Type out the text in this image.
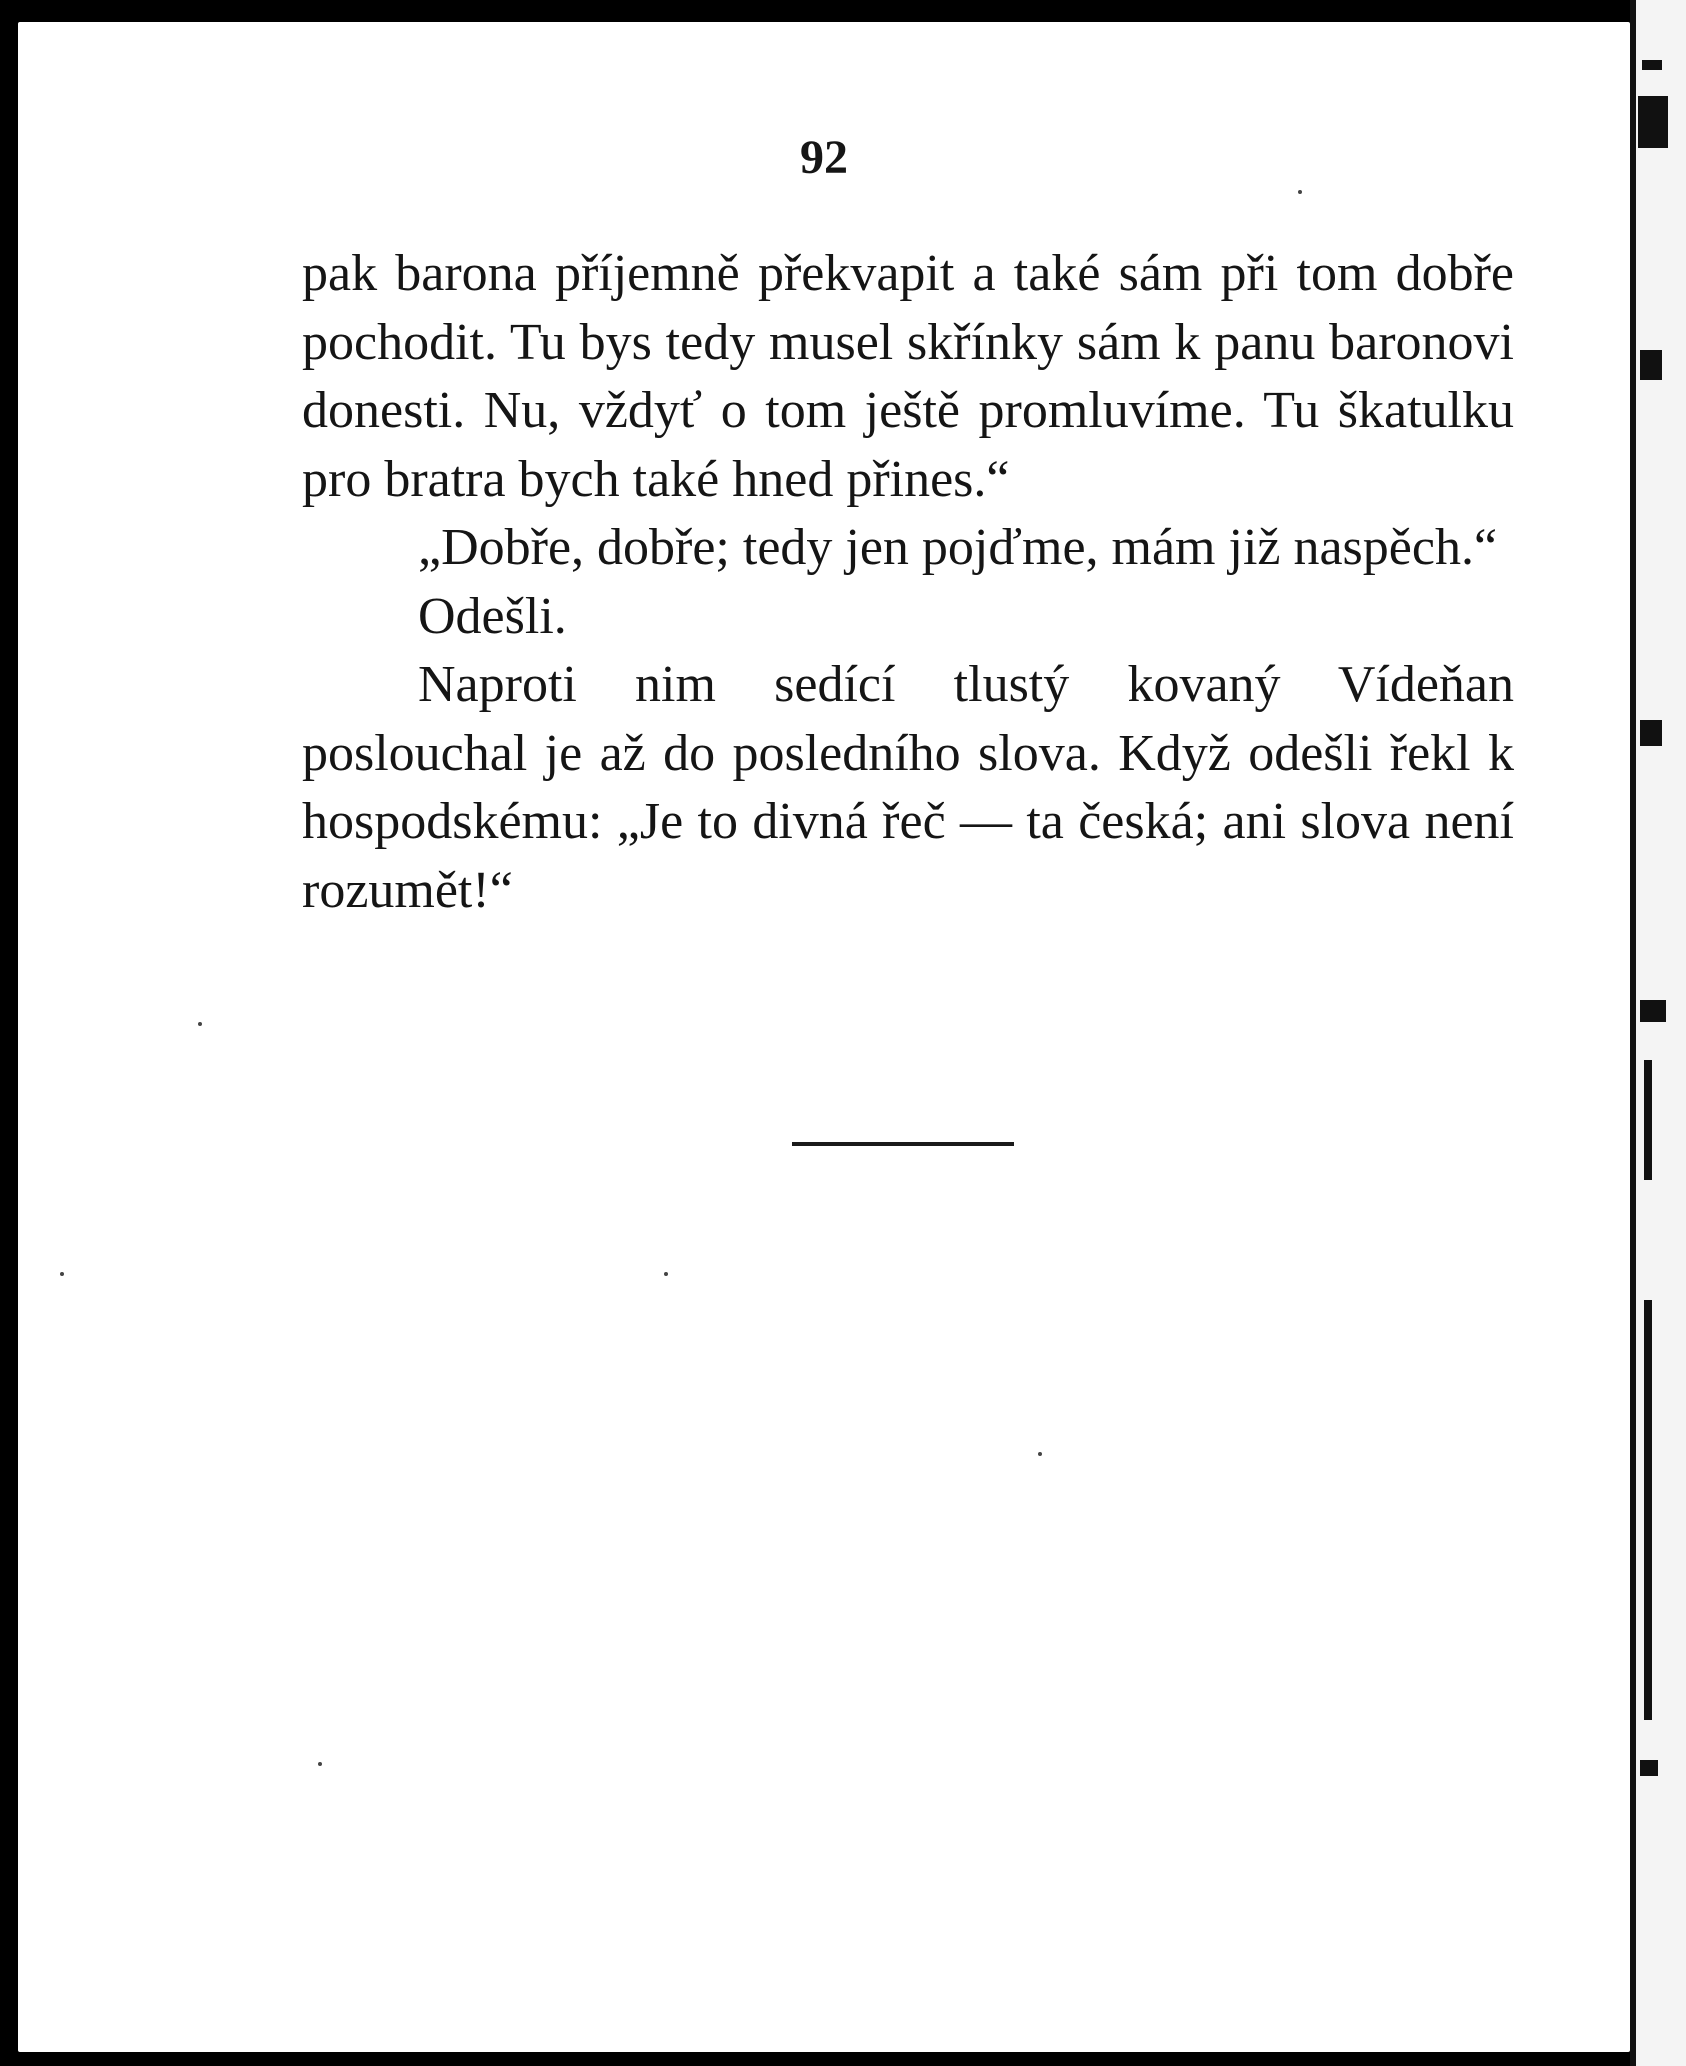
92

pak barona příjemně překvapit a také sám při tom dobře pochodit. Tu bys tedy musel skřínky sám k panu baronovi donesti. Nu, vždyť o tom ještě promluvíme. Tu škatulku pro bratra bych také hned přines.“

„Dobře, dobře; tedy jen pojďme, mám již naspěch.“

Odešli.

Naproti nim sedící tlustý kovaný Vídeňan poslouchal je až do posledního slova. Když odešli řekl k hospodskému: „Je to divná řeč — ta česká; ani slova není rozumět!“
